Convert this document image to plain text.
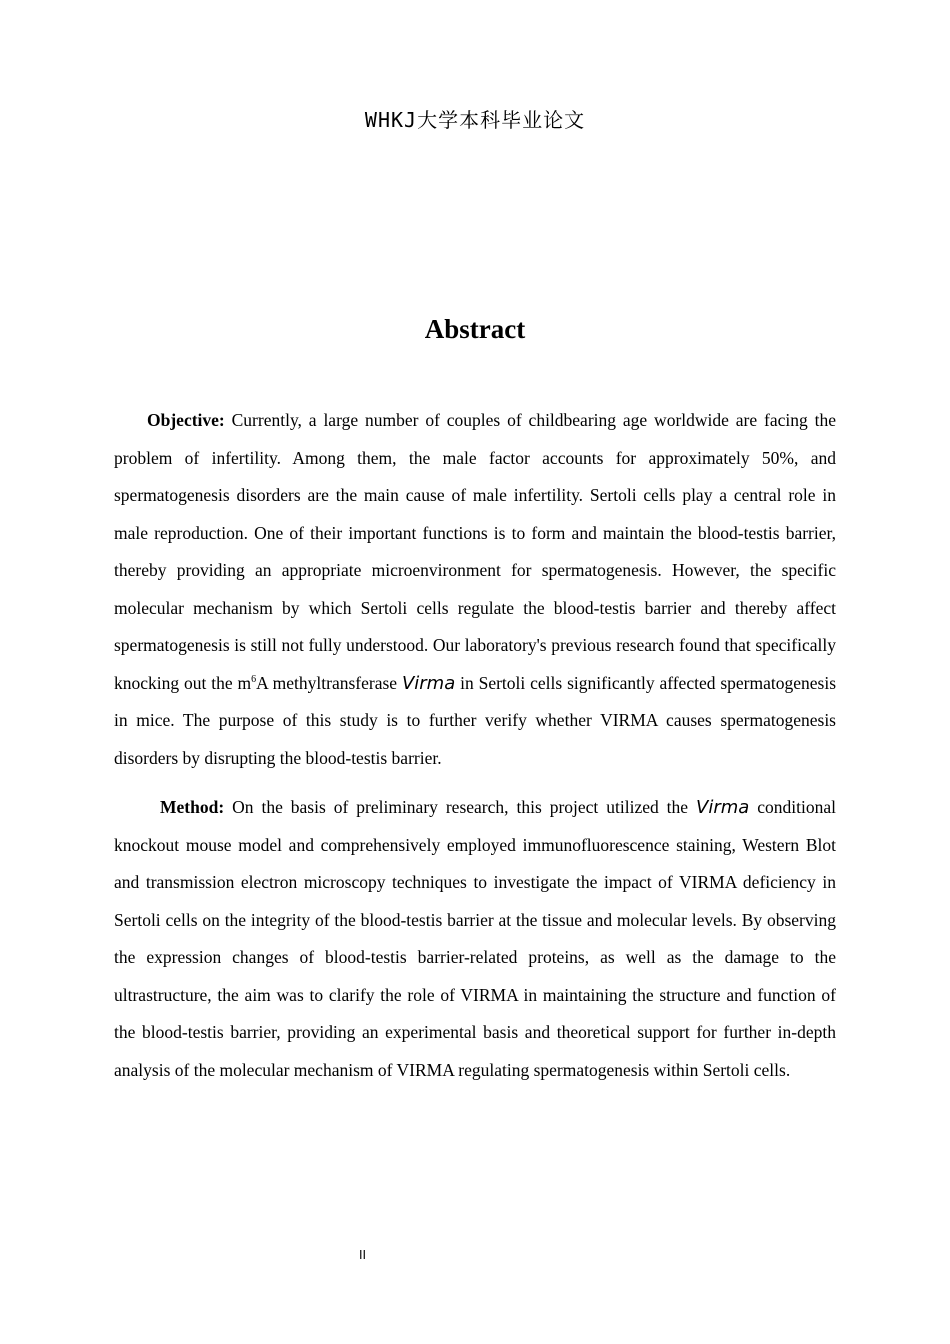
WHKJ大学本科毕业论文
Abstract

Objective: Currently, a large number of couples of childbearing age worldwide are facing the problem of infertility. Among them, the male factor accounts for approximately 50%, and spermatogenesis disorders are the main cause of male infertility. Sertoli cells play a central role in male reproduction. One of their important functions is to form and maintain the blood-testis barrier, thereby providing an appropriate microenvironment for spermatogenesis. However, the specific molecular mechanism by which Sertoli cells regulate the blood-testis barrier and thereby affect spermatogenesis is still not fully understood. Our laboratory's previous research found that specifically knocking out the $m^6A$ methyltransferase Virma in Sertoli cells significantly affected spermatogenesis in mice. The purpose of this study is to further verify whether VIRMA causes spermatogenesis disorders by disrupting the blood-testis barrier.

Method: On the basis of preliminary research, this project utilized the Virma conditional knockout mouse model and comprehensively employed immunofluorescence staining, Western Blot and transmission electron microscopy techniques to investigate the impact of VIRMA deficiency in Sertoli cells on the integrity of the blood-testis barrier at the tissue and molecular levels. By observing the expression changes of blood-testis barrier-related proteins, as well as the damage to the ultrastructure, the aim was to clarify the role of VIRMA in maintaining the structure and function of the blood-testis barrier, providing an experimental basis and theoretical support for further in-depth analysis of the molecular mechanism of VIRMA regulating spermatogenesis within Sertoli cells.

II
